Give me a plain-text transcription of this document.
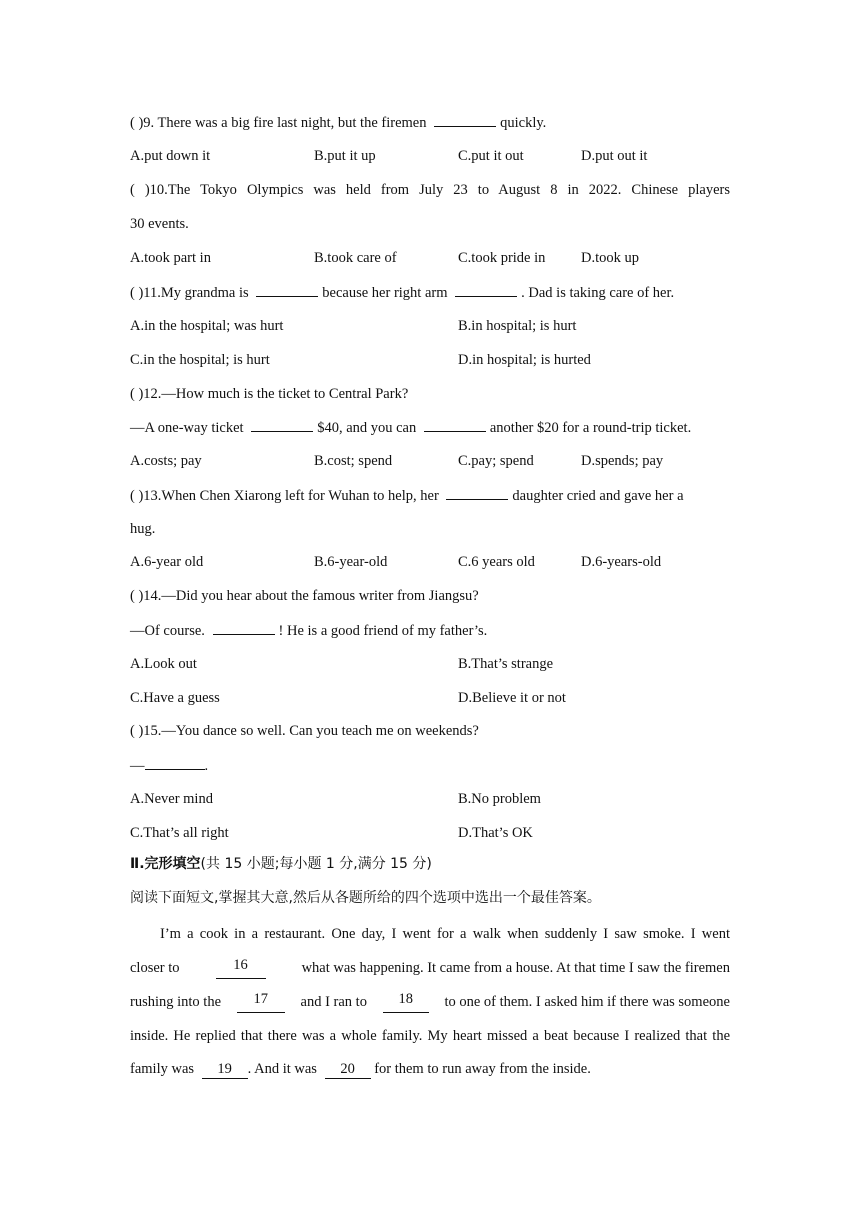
( )9. There was a big fire last night, but the firemen	quickly.
A.put down it	B.put it up	C.put it out	D.put out it
( )10.The Tokyo Olympics was held from July 23 to August 8 in 2022. Chinese players
30 events.
A.took part in	B.took care of	C.took pride in D.took up
( )11.My grandma is	because her right arm	. Dad is taking care of her.
A.in the hospital; was hurt	B.in hospital; is hurt
C.in the hospital; is hurt	D.in hospital; is hurted
( )12.—How much is the ticket to Central Park?
—A one-way ticket	$40, and you can	another $20 for a round-trip ticket.
A.costs; pay	B.cost; spend	C.pay; spend	D.spends; pay
( )13.When Chen Xiarong left for Wuhan to help, her	daughter cried and gave her a
hug.
A.6-year old	B.6-year-old	C.6 years old	D.6-years-old
( )14.—Did you hear about the famous writer from Jiangsu?
—Of course.	! He is a good friend of my father’s.
A.Look out	B.That’s strange
C.Have a guess	D.Believe it or not
( )15.—You dance so well. Can you teach me on weekends?
—	.
A.Never mind	B.No problem
C.That’s all right	D.That’s OK
Ⅱ.完形填空(共 15 小题;每小题 1 分,满分 15 分)
阅读下面短文,掌握其大意,然后从各题所给的四个选项中选出一个最佳答案。
I’m a cook in a restaurant. One day, I went for a walk when suddenly I saw smoke. I went
closer to	16	what was happening. It came from a house. At that time I saw the firemen
rushing into the	17	and I ran to	18	to one of them. I asked him if there was someone
inside. He replied that there was a whole family. My heart missed a beat because I realized that the
family was 19 . And it was 20 for them to run away from the inside.
